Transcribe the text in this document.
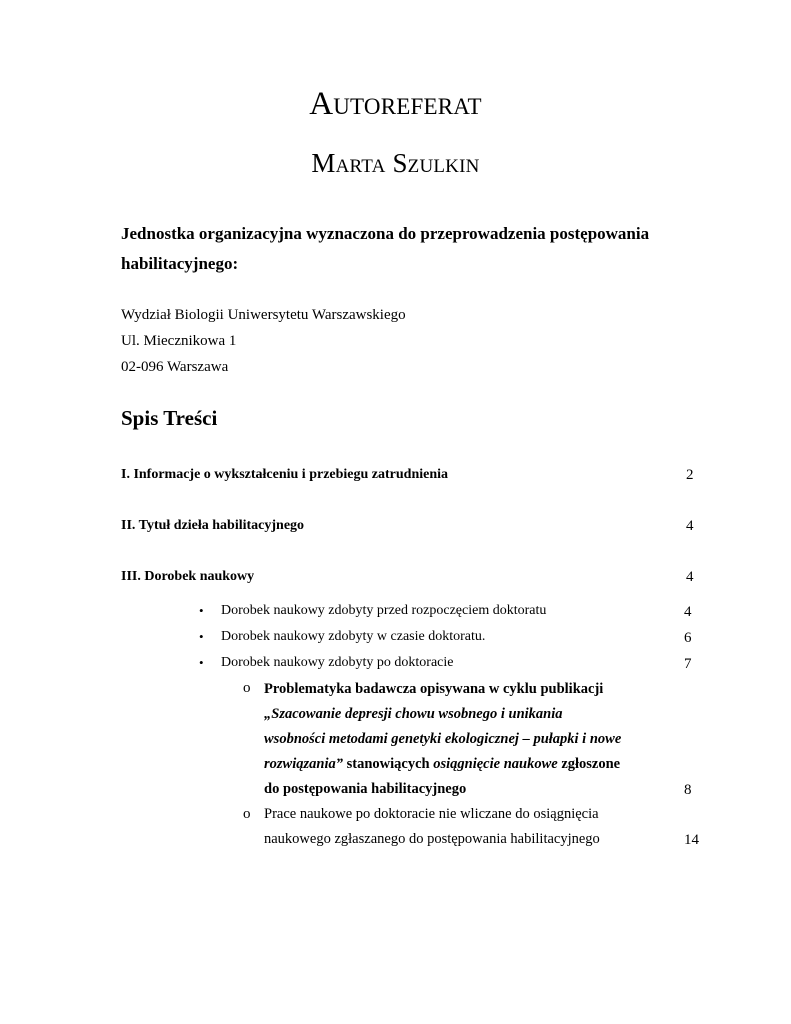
Autoreferat
Marta Szulkin
Jednostka organizacyjna wyznaczona do przeprowadzenia postępowania
habilitacyjnego:
Wydział Biologii Uniwersytetu Warszawskiego
Ul. Miecznikowa 1
02-096 Warszawa
Spis Treści
I. Informacje o wykształceniu i przebiegu zatrudnienia	2
II. Tytuł dzieła habilitacyjnego	4
III. Dorobek naukowy	4
• Dorobek naukowy zdobyty przed rozpoczęciem doktoratu	4
• Dorobek naukowy zdobyty w czasie doktoratu.	6
• Dorobek naukowy zdobyty po doktoracie	7
o Problematyka badawcza opisywana w cyklu publikacji
„Szacowanie depresji chowu wsobnego i unikania
wsobności metodami genetyki ekologicznej – pułapki i nowe
rozwiązania” stanowiących osiągnięcie naukowe zgłoszone
do postępowania habilitacyjnego	8
o Prace naukowe po doktoracie nie wliczane do osiągnięcia
naukowego zgłaszanego do postępowania habilitacyjnego	14
